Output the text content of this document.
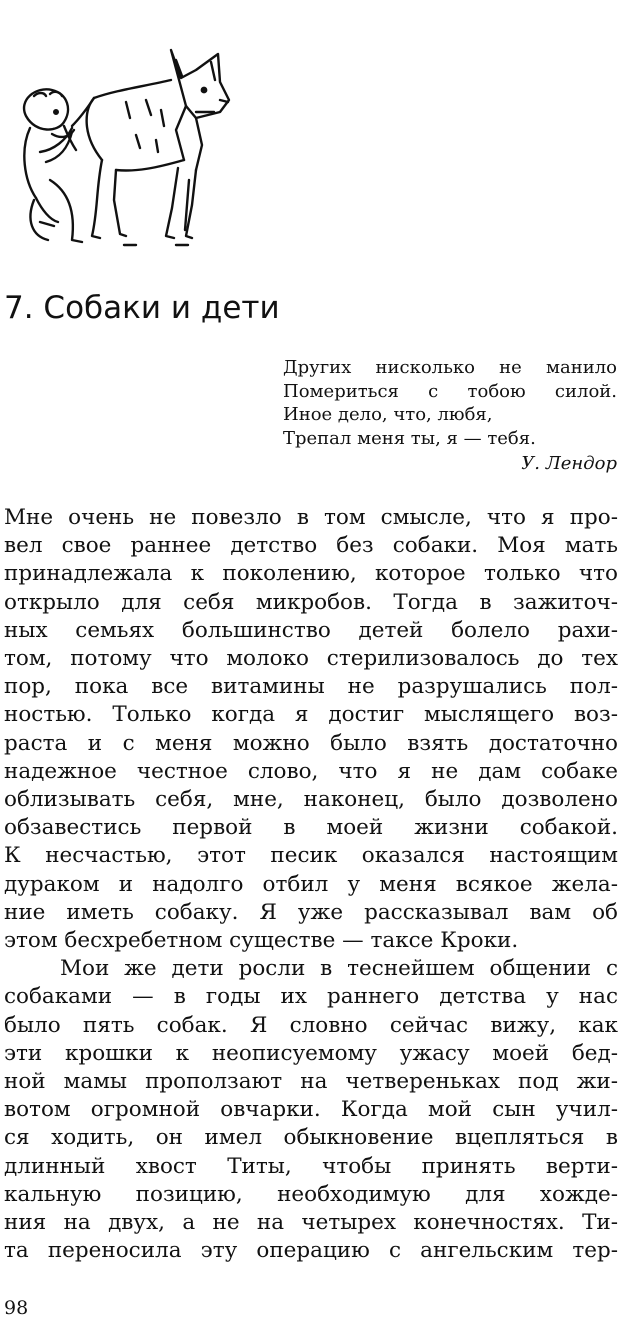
7. Собаки и дети
Других нисколько не манило
Помериться с тобою силой.
Иное дело, что, любя,
Трепал меня ты, я — тебя.
У. Лендор

Мне очень не повезло в том смысле, что я про-
вел свое раннее детство без собаки. Моя мать
принадлежала к поколению, которое только что
открыло для себя микробов. Тогда в зажиточ-
ных семьях большинство детей болело рахи-
том, потому что молоко стерилизовалось до тех
пор, пока все витамины не разрушались пол-
ностью. Только когда я достиг мыслящего воз-
раста и с меня можно было взять достаточно
надежное честное слово, что я не дам собаке
облизывать себя, мне, наконец, было дозволено
обзавестись первой в моей жизни собакой.
К несчастью, этот песик оказался настоящим
дураком и надолго отбил у меня всякое жела-
ние иметь собаку. Я уже рассказывал вам об
этом бесхребетном существе — таксе Кроки.

Мои же дети росли в теснейшем общении с
собаками — в годы их раннего детства у нас
было пять собак. Я словно сейчас вижу, как
эти крошки к неописуемому ужасу моей бед-
ной мамы проползают на четвереньках под жи-
вотом огромной овчарки. Когда мой сын учил-
ся ходить, он имел обыкновение вцепляться в
длинный хвост Титы, чтобы принять верти-
кальную позицию, необходимую для хожде-
ния на двух, а не на четырех конечностях. Ти-
та переносила эту операцию с ангельским тер-

98
